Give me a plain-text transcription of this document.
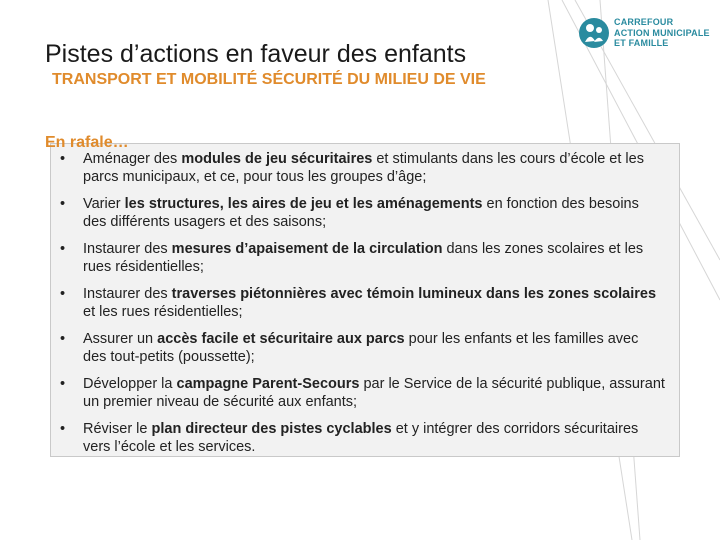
CARREFOUR
ACTION MUNICIPALE
ET FAMILLE
Pistes d’actions en faveur des enfants
TRANSPORT ET MOBILITÉ SÉCURITÉ DU MILIEU DE VIE
• Aménager des modules de jeu sécuritaires et stimulants dans les cours d’école et les parcs municipaux, et ce, pour tous les groupes d’âge;
• Varier les structures, les aires de jeu et les aménagements en fonction des besoins des différents usagers et des saisons;
• Instaurer des mesures d’apaisement de la circulation dans les zones scolaires et les rues résidentielles;
• Instaurer des traverses piétonnières avec témoin lumineux dans les zones scolaires et les rues résidentielles;
• Assurer un accès facile et sécuritaire aux parcs pour les enfants et les familles avec des tout-petits (poussette);
• Développer la campagne Parent-Secours par le Service de la sécurité publique, assurant un premier niveau de sécurité aux enfants;
• Réviser le plan directeur des pistes cyclables et y intégrer des corridors sécuritaires vers l’école et les services.
En rafale…
